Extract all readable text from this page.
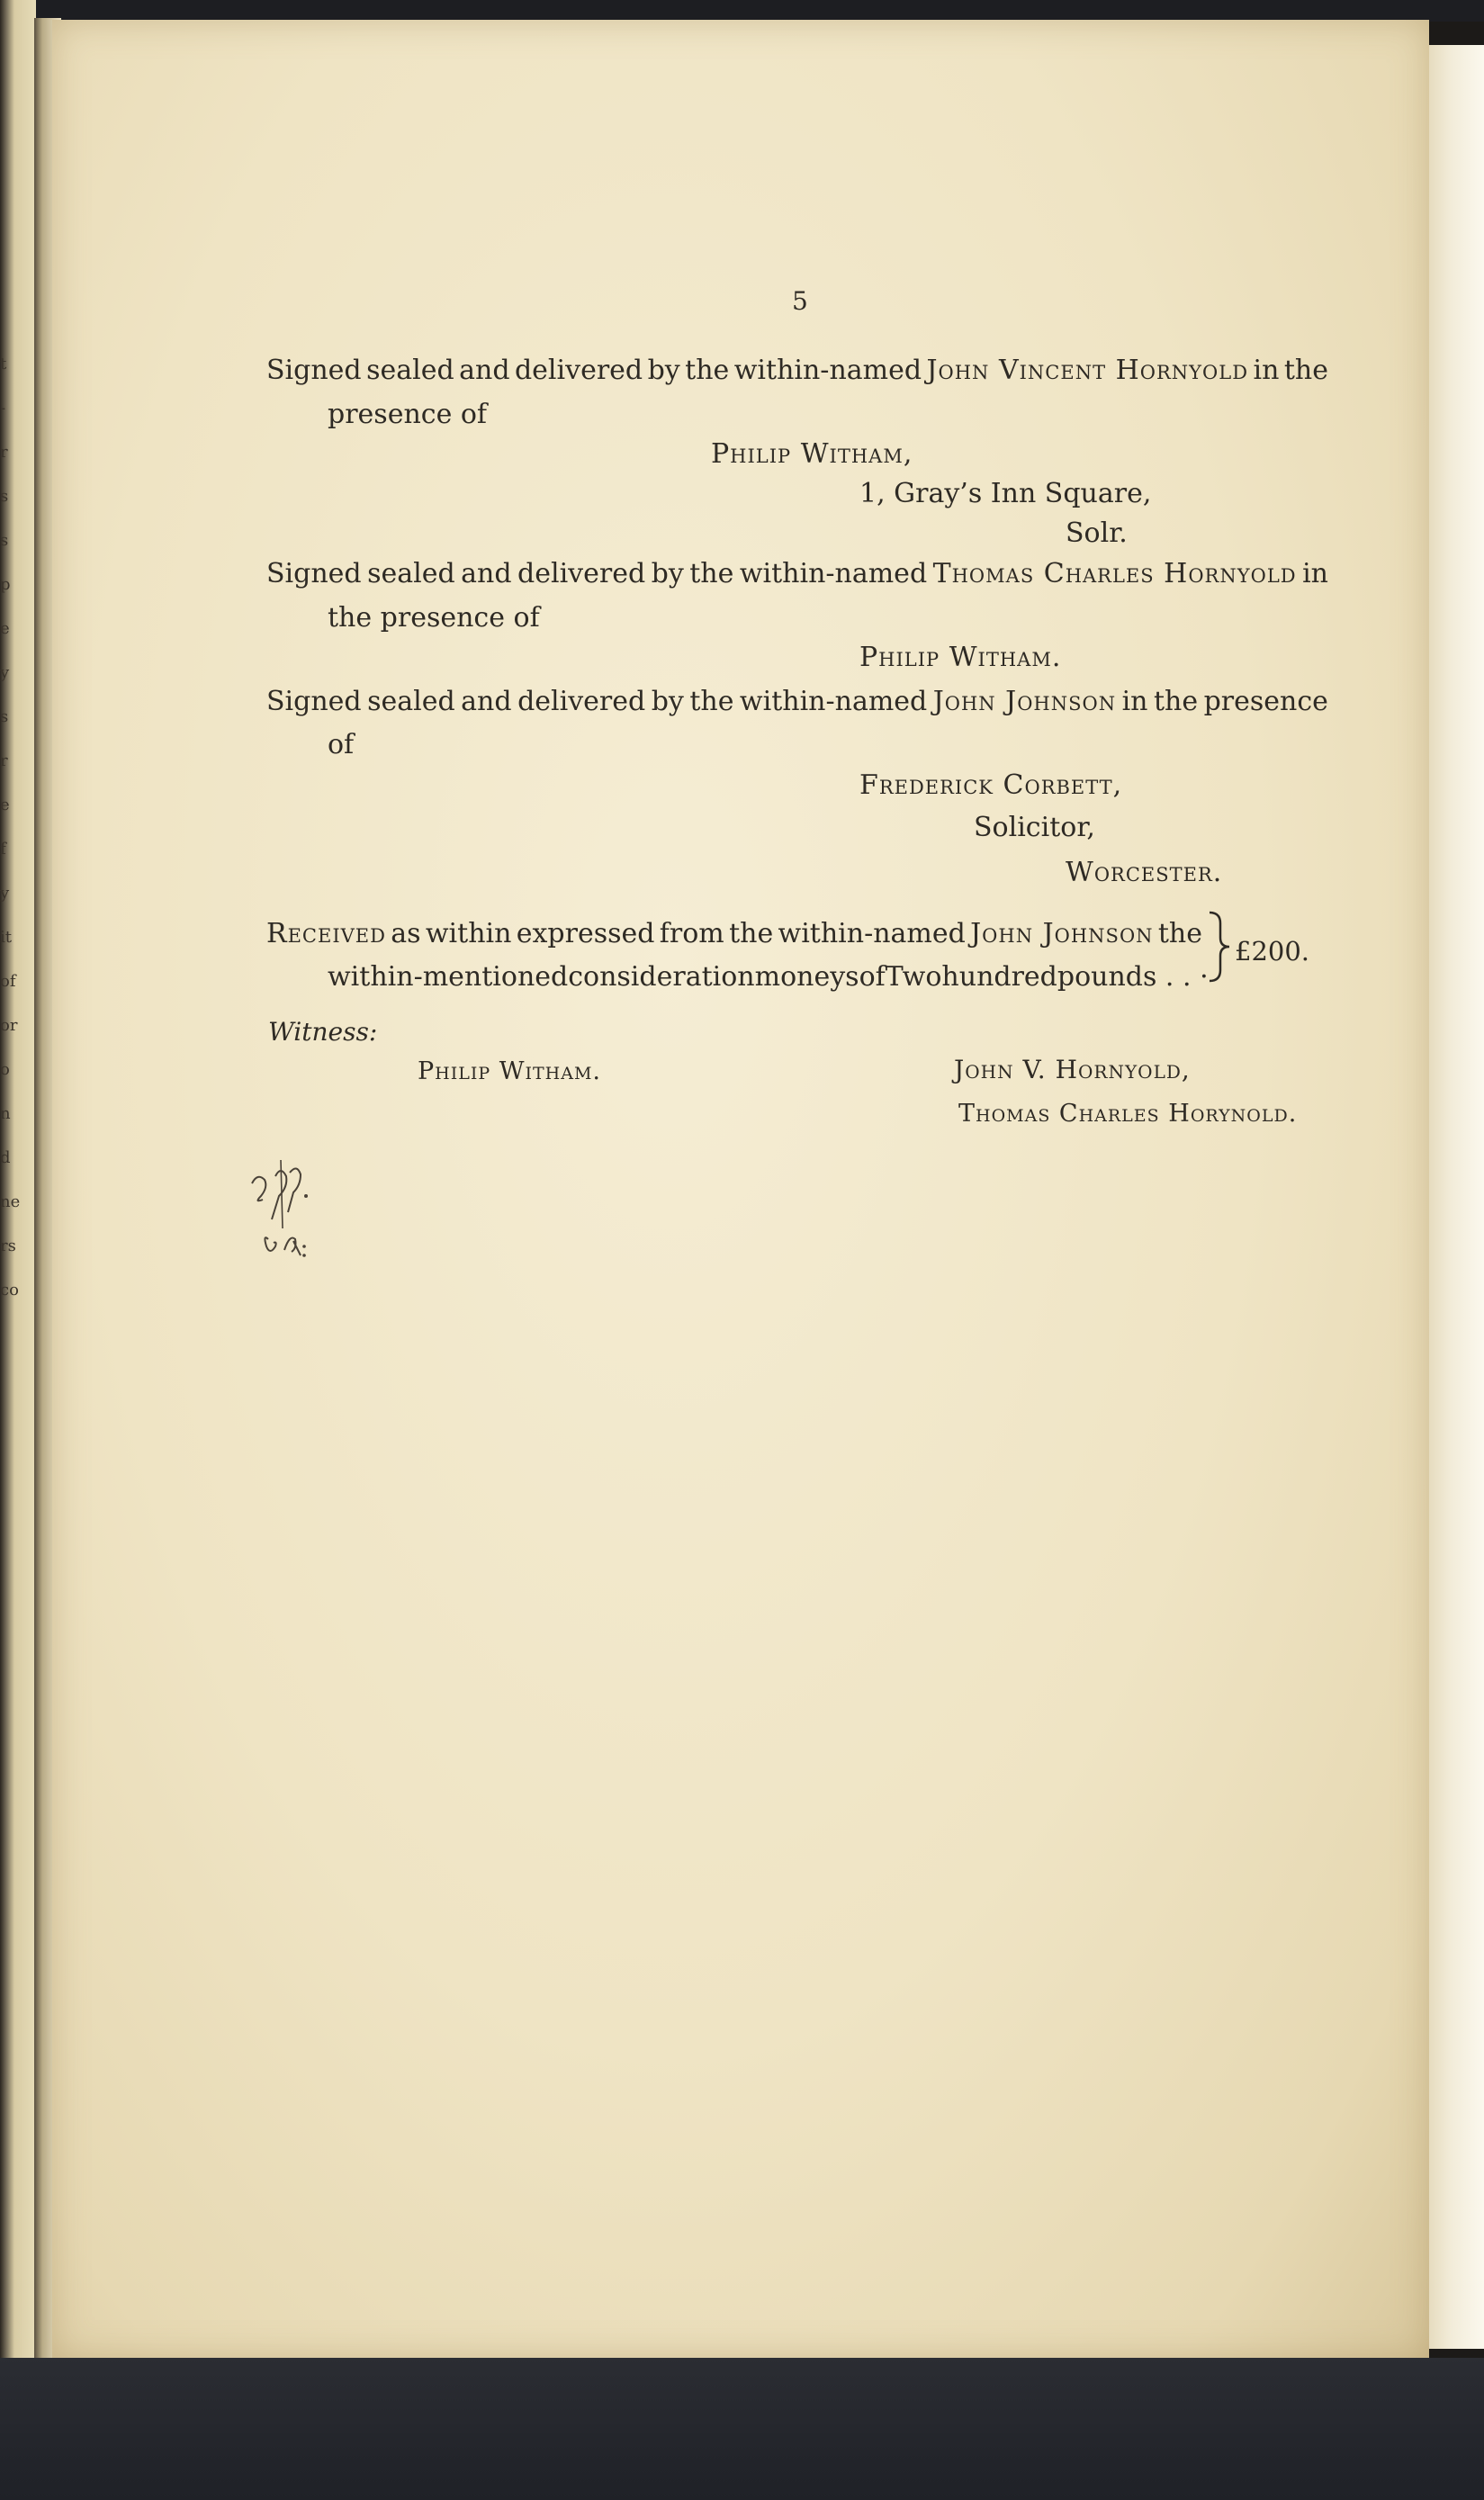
t
-
r
s
s
p
e
y
s
r
e
f
y
it
of
or
o
n
d
ne
rs
co
5
Signed sealed and delivered by the within-named John Vincent Hornyold in the
presence of
Philip Witham,
1, Gray’s Inn Square,
Solr.
Signed sealed and delivered by the within-named Thomas Charles Hornyold in
the presence of
Philip Witham.
Signed sealed and delivered by the within-named John Johnson in the presence
of
Frederick Corbett,
Solicitor,
Worcester.
Received as within expressed from the within-named John Johnson the
within-mentioned consideration moneys of Two hundred pounds . . ·
£200.
Witness:
Philip Witham.	John V. Hornyold,
Thomas Charles Horynold.
